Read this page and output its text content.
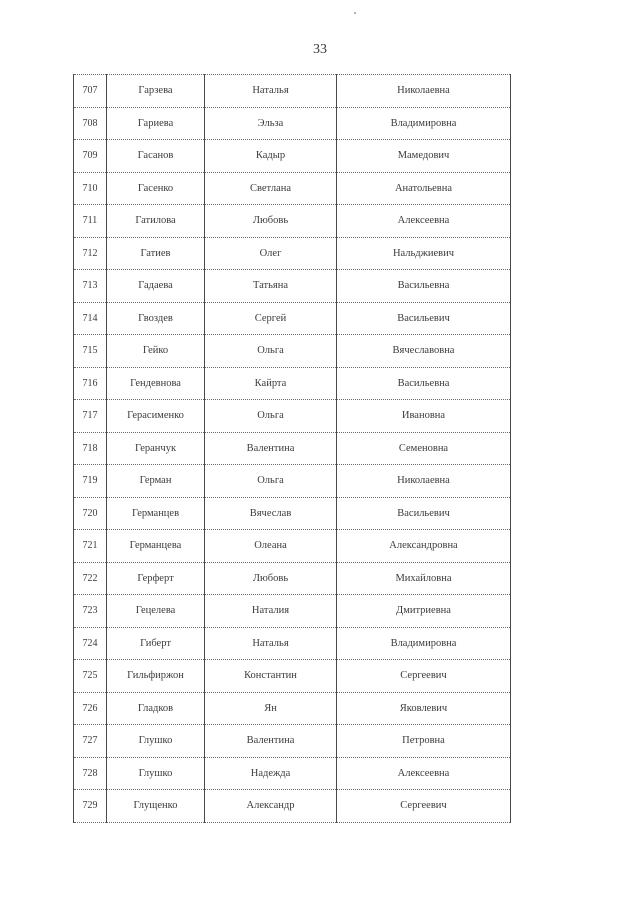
33
707	Гарзева	Наталья	Николаевна
708	Гариева	Эльза	Владимировна
709	Гасанов	Кадыр	Мамедович
710	Гасенко	Светлана	Анатольевна
711	Гатилова	Любовь	Алексеевна
712	Гатиев	Олег	Нальджиевич
713	Гадаева	Татьяна	Васильевна
714	Гвоздев	Сергей	Васильевич
715	Гейко	Ольга	Вячеславовна
716	Гендевнова	Кайрта	Васильевна
717	Герасименко	Ольга	Ивановна
718	Геранчук	Валентина	Семеновна
719	Герман	Ольга	Николаевна
720	Германцев	Вячеслав	Васильевич
721	Германцева	Олеана	Александровна
722	Герферт	Любовь	Михайловна
723	Гецелева	Наталия	Дмитриевна
724	Гиберт	Наталья	Владимировна
725	Гильфиржон	Константин	Сергеевич
726	Гладков	Ян	Яковлевич
727	Глушко	Валентина	Петровна
728	Глушко	Надежда	Алексеевна
729	Глущенко	Александр	Сергеевич
